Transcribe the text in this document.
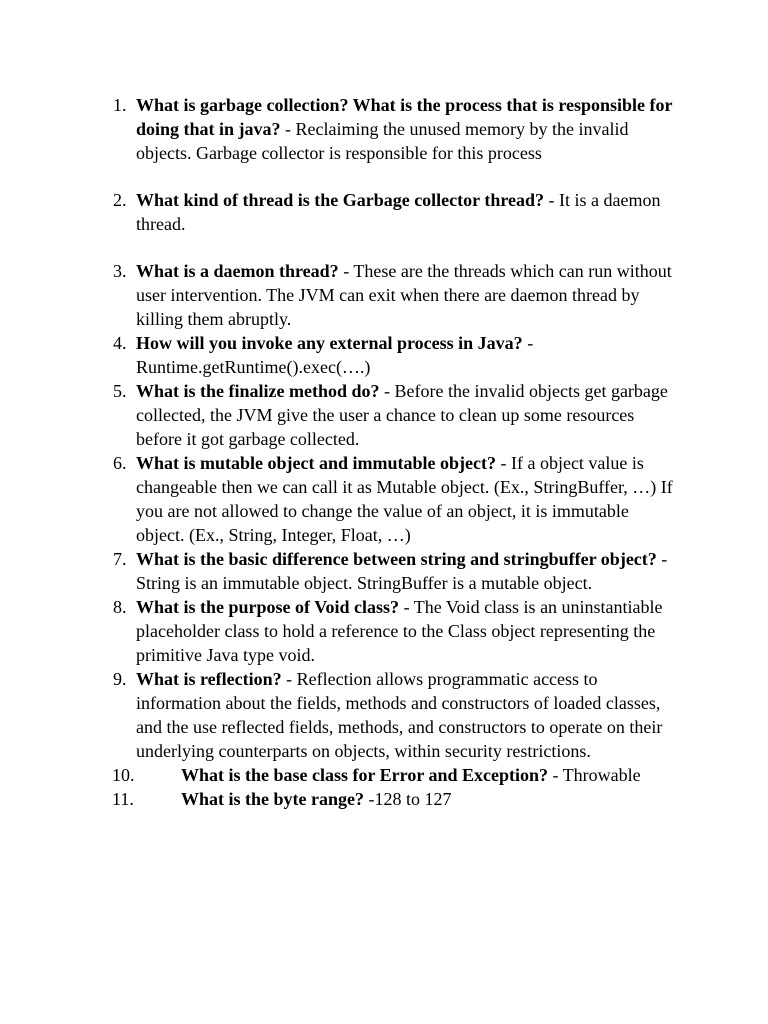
1. What is garbage collection? What is the process that is responsible for doing that in java? - Reclaiming the unused memory by the invalid objects. Garbage collector is responsible for this process
2. What kind of thread is the Garbage collector thread? - It is a daemon thread.
3. What is a daemon thread? - These are the threads which can run without user intervention. The JVM can exit when there are daemon thread by killing them abruptly.
4. How will you invoke any external process in Java? - Runtime.getRuntime().exec(….)
5. What is the finalize method do? - Before the invalid objects get garbage collected, the JVM give the user a chance to clean up some resources before it got garbage collected.
6. What is mutable object and immutable object? - If a object value is changeable then we can call it as Mutable object. (Ex., StringBuffer, …) If you are not allowed to change the value of an object, it is immutable object. (Ex., String, Integer, Float, …)
7. What is the basic difference between string and stringbuffer object? - String is an immutable object. StringBuffer is a mutable object.
8. What is the purpose of Void class? - The Void class is an uninstantiable placeholder class to hold a reference to the Class object representing the primitive Java type void.
9. What is reflection? - Reflection allows programmatic access to information about the fields, methods and constructors of loaded classes, and the use reflected fields, methods, and constructors to operate on their underlying counterparts on objects, within security restrictions.
10.	What is the base class for Error and Exception? - Throwable
11.	What is the byte range? -128 to 127
